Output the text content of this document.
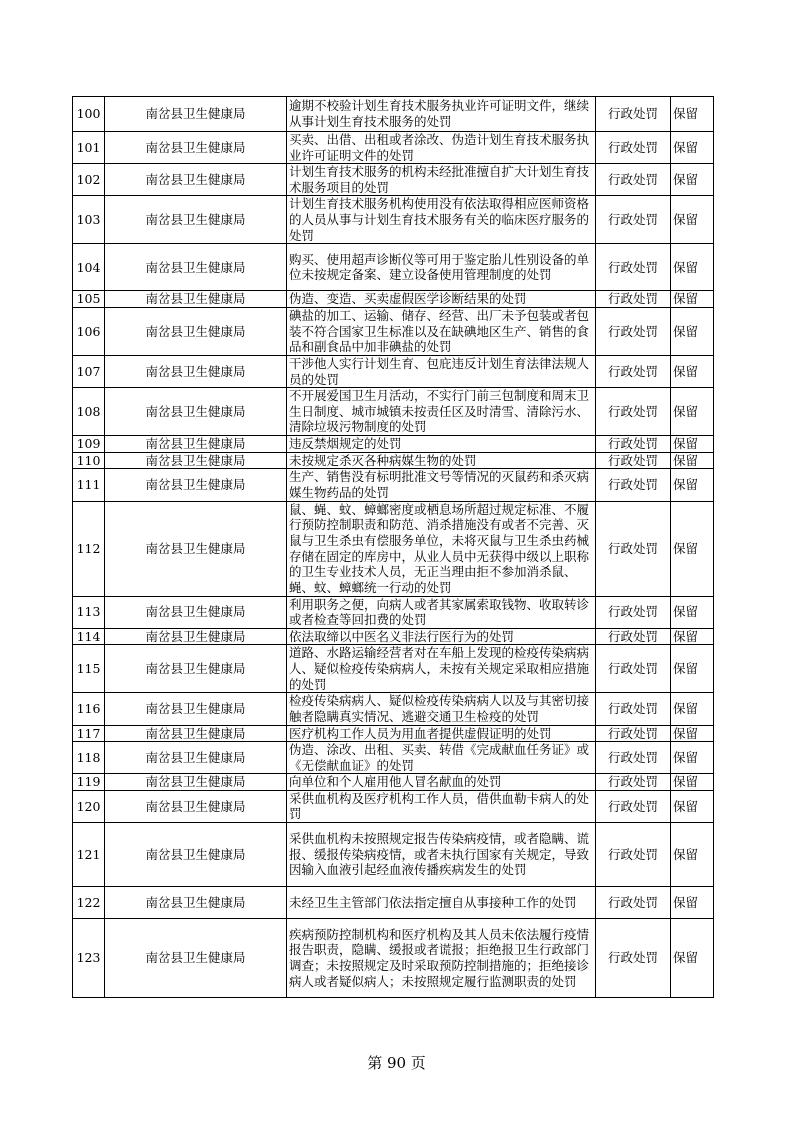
100	南岔县卫生健康局	逾期不校验计划生育技术服务执业许可证明文件，继续从事计划生育技术服务的处罚	行政处罚	保留
101	南岔县卫生健康局	买卖、出借、出租或者涂改、伪造计划生育技术服务执业许可证明文件的处罚	行政处罚	保留
102	南岔县卫生健康局	计划生育技术服务的机构未经批准擅自扩大计划生育技术服务项目的处罚	行政处罚	保留
103	南岔县卫生健康局	计划生育技术服务机构使用没有依法取得相应医师资格的人员从事与计划生育技术服务有关的临床医疗服务的处罚	行政处罚	保留
104	南岔县卫生健康局	购买、使用超声诊断仪等可用于鉴定胎儿性别设备的单位未按规定备案、建立设备使用管理制度的处罚	行政处罚	保留
105	南岔县卫生健康局	伪造、变造、买卖虚假医学诊断结果的处罚	行政处罚	保留
106	南岔县卫生健康局	碘盐的加工、运输、储存、经营、出厂未予包装或者包装不符合国家卫生标准以及在缺碘地区生产、销售的食品和副食品中加非碘盐的处罚	行政处罚	保留
107	南岔县卫生健康局	干涉他人实行计划生育、包庇违反计划生育法律法规人员的处罚	行政处罚	保留
108	南岔县卫生健康局	不开展爱国卫生月活动，不实行门前三包制度和周末卫生日制度、城市城镇未按责任区及时清雪、清除污水、清除垃圾污物制度的处罚	行政处罚	保留
109	南岔县卫生健康局	违反禁烟规定的处罚	行政处罚	保留
110	南岔县卫生健康局	未按规定杀灭各种病媒生物的处罚	行政处罚	保留
111	南岔县卫生健康局	生产、销售没有标明批准文号等情况的灭鼠药和杀灭病媒生物药品的处罚	行政处罚	保留
112	南岔县卫生健康局	鼠、蝇、蚊、蟑螂密度或栖息场所超过规定标准、不履行预防控制职责和防范、消杀措施没有或者不完善、灭鼠与卫生杀虫有偿服务单位，未将灭鼠与卫生杀虫药械存储在固定的库房中，从业人员中无获得中级以上职称的卫生专业技术人员，无正当理由拒不参加消杀鼠、蝇、蚊、蟑螂统一行动的处罚	行政处罚	保留
113	南岔县卫生健康局	利用职务之便，向病人或者其家属索取钱物、收取转诊或者检查等回扣费的处罚	行政处罚	保留
114	南岔县卫生健康局	依法取缔以中医名义非法行医行为的处罚	行政处罚	保留
115	南岔县卫生健康局	道路、水路运输经营者对在车船上发现的检疫传染病病人、疑似检疫传染病病人，未按有关规定采取相应措施的处罚	行政处罚	保留
116	南岔县卫生健康局	检疫传染病病人、疑似检疫传染病病人以及与其密切接触者隐瞒真实情况、逃避交通卫生检疫的处罚	行政处罚	保留
117	南岔县卫生健康局	医疗机构工作人员为用血者提供虚假证明的处罚	行政处罚	保留
118	南岔县卫生健康局	伪造、涂改、出租、买卖、转借《完成献血任务证》或《无偿献血证》的处罚	行政处罚	保留
119	南岔县卫生健康局	向单位和个人雇用他人冒名献血的处罚	行政处罚	保留
120	南岔县卫生健康局	采供血机构及医疗机构工作人员，借供血勒卡病人的处罚	行政处罚	保留
121	南岔县卫生健康局	采供血机构未按照规定报告传染病疫情，或者隐瞒、谎报、缓报传染病疫情，或者未执行国家有关规定，导致因输入血液引起经血液传播疾病发生的处罚	行政处罚	保留
122	南岔县卫生健康局	未经卫生主管部门依法指定擅自从事接种工作的处罚	行政处罚	保留
123	南岔县卫生健康局	疾病预防控制机构和医疗机构及其人员未依法履行疫情报告职责，隐瞒、缓报或者谎报；拒绝报卫生行政部门调查；未按照规定及时采取预防控制措施的；拒绝接诊病人或者疑似病人；未按照规定履行监测职责的处罚	行政处罚	保留
第 90 页
